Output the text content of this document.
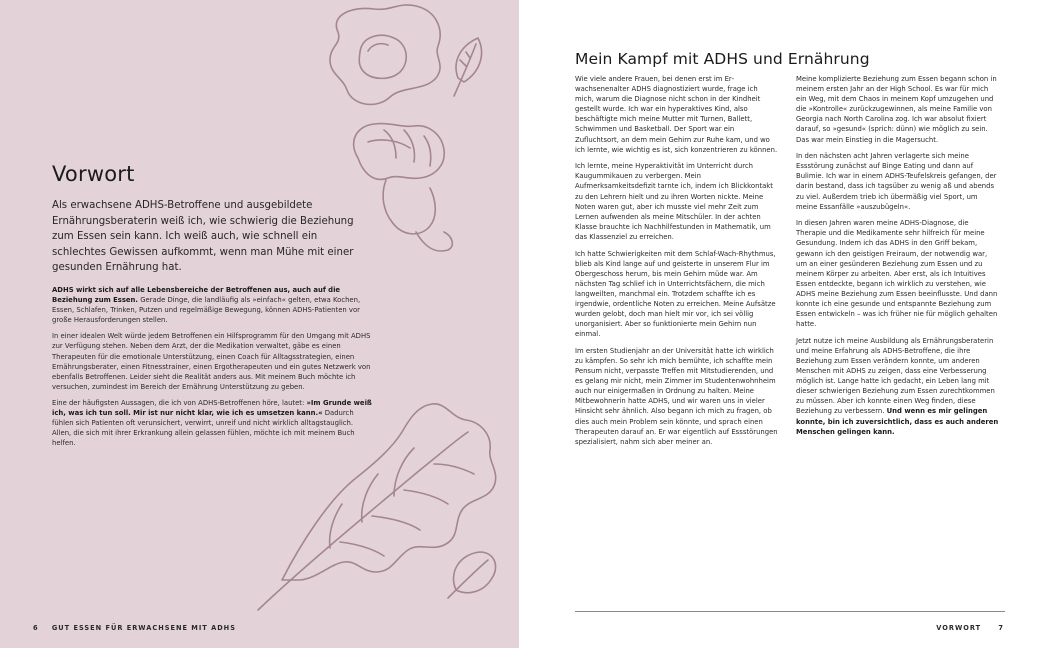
Vorwort

Als erwachsene ADHS-Betroffene und ausgebildete Ernährungsberaterin weiß ich, wie schwierig die Beziehung zum Essen sein kann. Ich weiß auch, wie schnell ein schlechtes Gewissen aufkommt, wenn man Mühe mit einer gesunden Ernährung hat.

ADHS wirkt sich auf alle Lebensbereiche der Betroffenen aus, auch auf die Beziehung zum Essen. Gerade Dinge, die landläufig als »einfach« gelten, etwa Kochen, Essen, Schlafen, Trinken, Putzen und regelmäßige Bewegung, können ADHS-Patienten vor große Herausforderungen stellen.

In einer idealen Welt würde jedem Betroffenen ein Hilfsprogramm für den Umgang mit ADHS zur Verfügung stehen. Neben dem Arzt, der die Medikation verwaltet, gäbe es einen Therapeuten für die emotionale Unterstützung, einen Coach für Alltagsstrategien, einen Ernährungsberater, einen Fitnesstrainer, einen Ergotherapeuten und ein gutes Netzwerk von ebenfalls Betroffenen. Leider sieht die Realität anders aus. Mit meinem Buch möchte ich versuchen, zumindest im Bereich der Ernährung Unterstützung zu geben.

Eine der häufigsten Aussagen, die ich von ADHS-Betroffenen höre, lautet: »Im Grunde weiß ich, was ich tun soll. Mir ist nur nicht klar, wie ich es umsetzen kann.« Dadurch fühlen sich Patienten oft verunsichert, verwirrt, unreif und nicht wirklich alltagstauglich. Allen, die sich mit ihrer Erkrankung allein gelassen fühlen, möchte ich mit meinem Buch helfen.

6 GUT ESSEN FÜR ERWACHSENE MIT ADHS
Mein Kampf mit ADHS und Ernährung

Wie viele andere Frauen, bei denen erst im Erwachsenenalter ADHS diagnostiziert wurde, frage ich mich, warum die Diagnose nicht schon in der Kindheit gestellt wurde. Ich war ein hyperaktives Kind, also beschäftigte mich meine Mutter mit Turnen, Ballett, Schwimmen und Basketball. Der Sport war ein Zufluchtsort, an dem mein Gehirn zur Ruhe kam, und wo ich lernte, wie wichtig es ist, sich konzentrieren zu können.

Ich lernte, meine Hyperaktivität im Unterricht durch Kaugummikauen zu verbergen. Mein Aufmerksamkeitsdefizit tarnte ich, indem ich Blickkontakt zu den Lehrern hielt und zu ihren Worten nickte. Meine Noten waren gut, aber ich musste viel mehr Zeit zum Lernen aufwenden als meine Mitschüler. In der achten Klasse brauchte ich Nachhilfestunden in Mathematik, um das Klassenziel zu erreichen.

Ich hatte Schwierigkeiten mit dem Schlaf-Wach-Rhythmus, blieb als Kind lange auf und geisterte in unserem Flur im Obergeschoss herum, bis mein Gehirn müde war. Am nächsten Tag schlief ich in Unterrichtsfächern, die mich langweilten, manchmal ein. Trotzdem schaffte ich es irgendwie, ordentliche Noten zu erreichen. Meine Aufsätze wurden gelobt, doch man hielt mir vor, ich sei völlig unorganisiert. Aber so funktionierte mein Gehirn nun einmal.

Im ersten Studienjahr an der Universität hatte ich wirklich zu kämpfen. So sehr ich mich bemühte, ich schaffte mein Pensum nicht, verpasste Treffen mit Mitstudierenden, und es gelang mir nicht, mein Zimmer im Studentenwohnheim auch nur einigermaßen in Ordnung zu halten. Meine Mitbewohnerin hatte ADHS, und wir waren uns in vieler Hinsicht sehr ähnlich. Also begann ich mich zu fragen, ob dies auch mein Problem sein könnte, und sprach einen Therapeuten darauf an. Er war eigentlich auf Essstörungen spezialisiert, nahm sich aber meiner an.

Meine komplizierte Beziehung zum Essen begann schon in meinem ersten Jahr an der High School. Es war für mich ein Weg, mit dem Chaos in meinem Kopf umzugehen und die »Kontrolle« zurückzugewinnen, als meine Familie von Georgia nach North Carolina zog. Ich war absolut fixiert darauf, so »gesund« (sprich: dünn) wie möglich zu sein. Das war mein Einstieg in die Magersucht.

In den nächsten acht Jahren verlagerte sich meine Essstörung zunächst auf Binge Eating und dann auf Bulimie. Ich war in einem ADHS-Teufelskreis gefangen, der darin bestand, dass ich tagsüber zu wenig aß und abends zu viel. Außerdem trieb ich übermäßig viel Sport, um meine Essanfälle »auszubügeln«.

In diesen Jahren waren meine ADHS-Diagnose, die Therapie und die Medikamente sehr hilfreich für meine Gesundung. Indem ich das ADHS in den Griff bekam, gewann ich den geistigen Freiraum, der notwendig war, um an einer gesünderen Beziehung zum Essen und zu meinem Körper zu arbeiten. Aber erst, als ich Intuitives Essen entdeckte, begann ich wirklich zu verstehen, wie ADHS meine Beziehung zum Essen beeinflusste. Und dann konnte ich eine gesunde und entspannte Beziehung zum Essen entwickeln – was ich früher nie für möglich gehalten hatte.

Jetzt nutze ich meine Ausbildung als Ernährungsberaterin und meine Erfahrung als ADHS-Betroffene, die ihre Beziehung zum Essen verändern konnte, um anderen Menschen mit ADHS zu zeigen, dass eine Verbesserung möglich ist. Lange hatte ich gedacht, ein Leben lang mit dieser schwierigen Beziehung zum Essen zurechtkommen zu müssen. Aber ich konnte einen Weg finden, diese Beziehung zu verbessern. Und wenn es mir gelingen konnte, bin ich zuversichtlich, dass es auch anderen Menschen gelingen kann.

VORWORT	7
